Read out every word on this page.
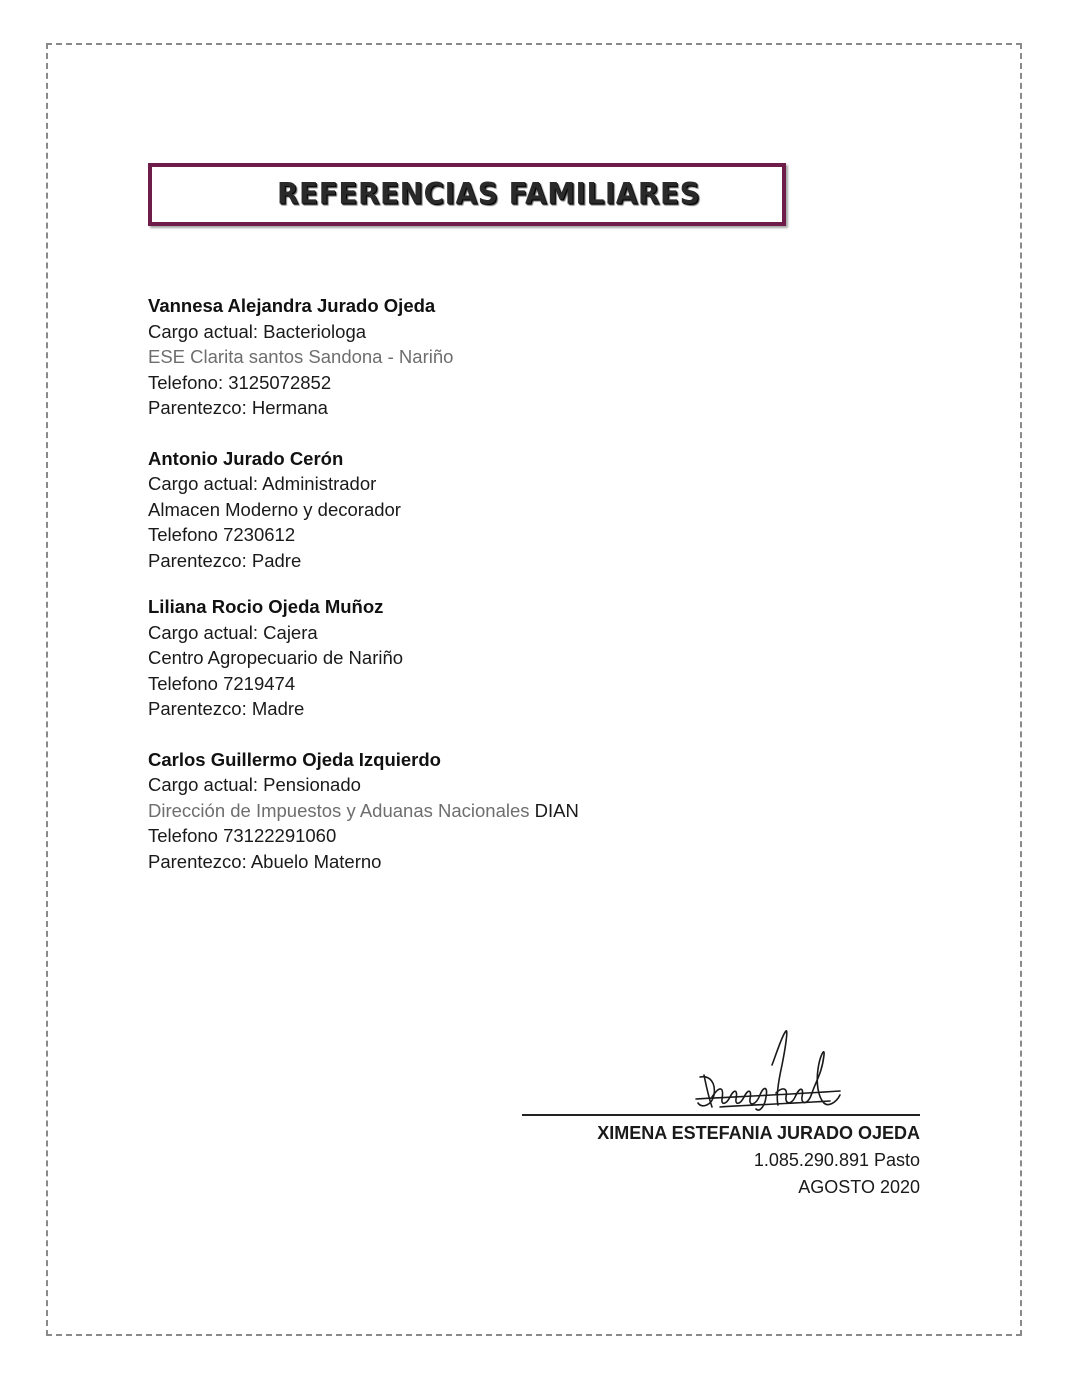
REFERENCIAS FAMILIARES
Vannesa Alejandra Jurado Ojeda
Cargo actual: Bacteriologa
ESE Clarita santos Sandona - Nariño
Telefono: 3125072852
Parentezco: Hermana
Antonio Jurado Cerón
Cargo actual: Administrador
Almacen Moderno y decorador
Telefono 7230612
Parentezco: Padre
Liliana Rocio Ojeda Muñoz
Cargo actual: Cajera
Centro Agropecuario de Nariño
Telefono 7219474
Parentezco: Madre
Carlos Guillermo Ojeda Izquierdo
Cargo actual: Pensionado
Dirección de Impuestos y Aduanas Nacionales DIAN
Telefono 73122291060
Parentezco: Abuelo Materno
XIMENA ESTEFANIA JURADO OJEDA
1.085.290.891 Pasto
AGOSTO 2020
